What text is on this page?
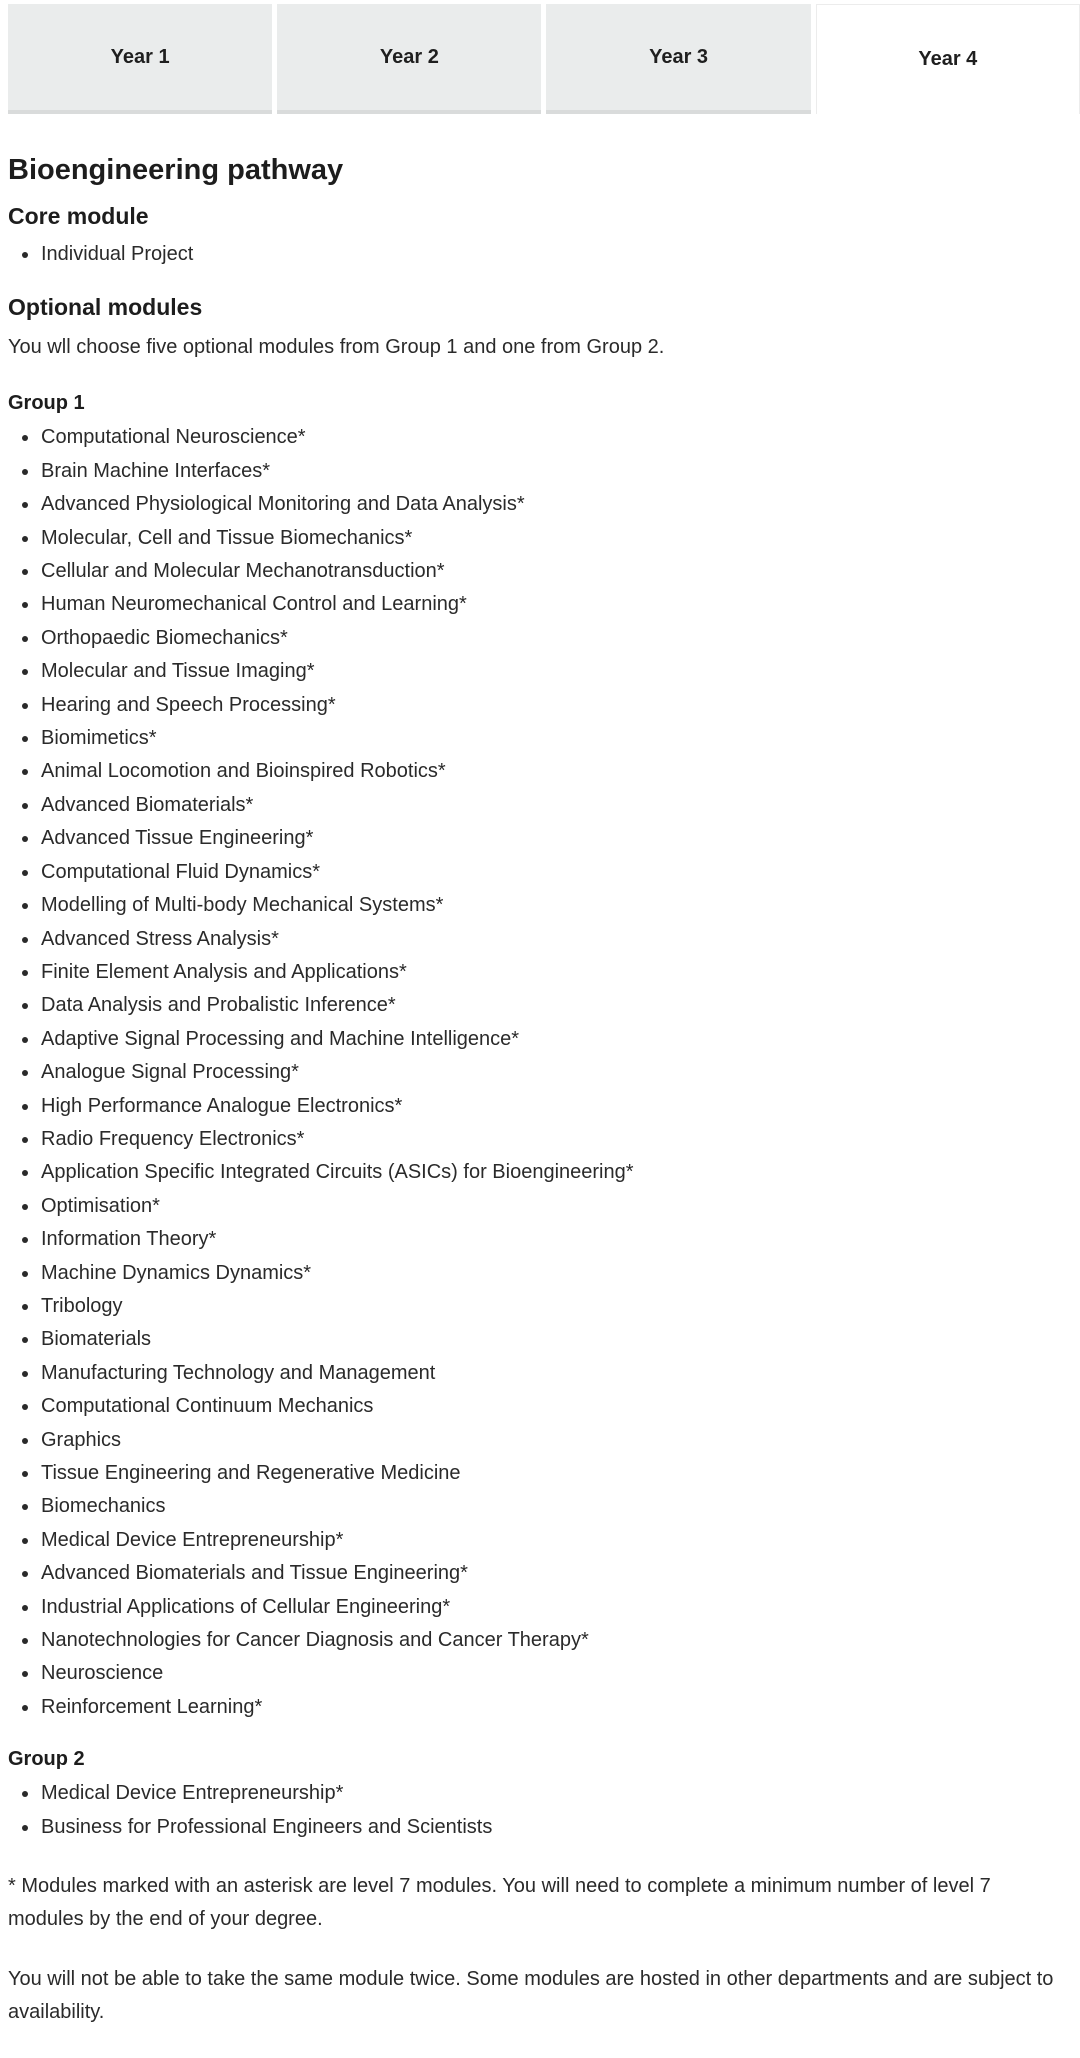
Year 1	Year 2	Year 3	Year 4
Bioengineering pathway
Core module
Individual Project
Optional modules

You wll choose five optional modules from Group 1 and one from Group 2.

Group 1
Computational Neuroscience*
Brain Machine Interfaces*
Advanced Physiological Monitoring and Data Analysis*
Molecular, Cell and Tissue Biomechanics*
Cellular and Molecular Mechanotransduction*
Human Neuromechanical Control and Learning*
Orthopaedic Biomechanics*
Molecular and Tissue Imaging*
Hearing and Speech Processing*
Biomimetics*
Animal Locomotion and Bioinspired Robotics*
Advanced Biomaterials*
Advanced Tissue Engineering*
Computational Fluid Dynamics*
Modelling of Multi-body Mechanical Systems*
Advanced Stress Analysis*
Finite Element Analysis and Applications*
Data Analysis and Probalistic Inference*
Adaptive Signal Processing and Machine Intelligence*
Analogue Signal Processing*
High Performance Analogue Electronics*
Radio Frequency Electronics*
Application Specific Integrated Circuits (ASICs) for Bioengineering*
Optimisation*
Information Theory*
Machine Dynamics Dynamics*
Tribology
Biomaterials
Manufacturing Technology and Management
Computational Continuum Mechanics
Graphics
Tissue Engineering and Regenerative Medicine
Biomechanics
Medical Device Entrepreneurship*
Advanced Biomaterials and Tissue Engineering*
Industrial Applications of Cellular Engineering*
Nanotechnologies for Cancer Diagnosis and Cancer Therapy*
Neuroscience
Reinforcement Learning*
Group 2
Medical Device Entrepreneurship*
Business for Professional Engineers and Scientists

* Modules marked with an asterisk are level 7 modules. You will need to complete a minimum number of level 7 modules by the end of your degree.

You will not be able to take the same module twice. Some modules are hosted in other departments and are subject to availability.
